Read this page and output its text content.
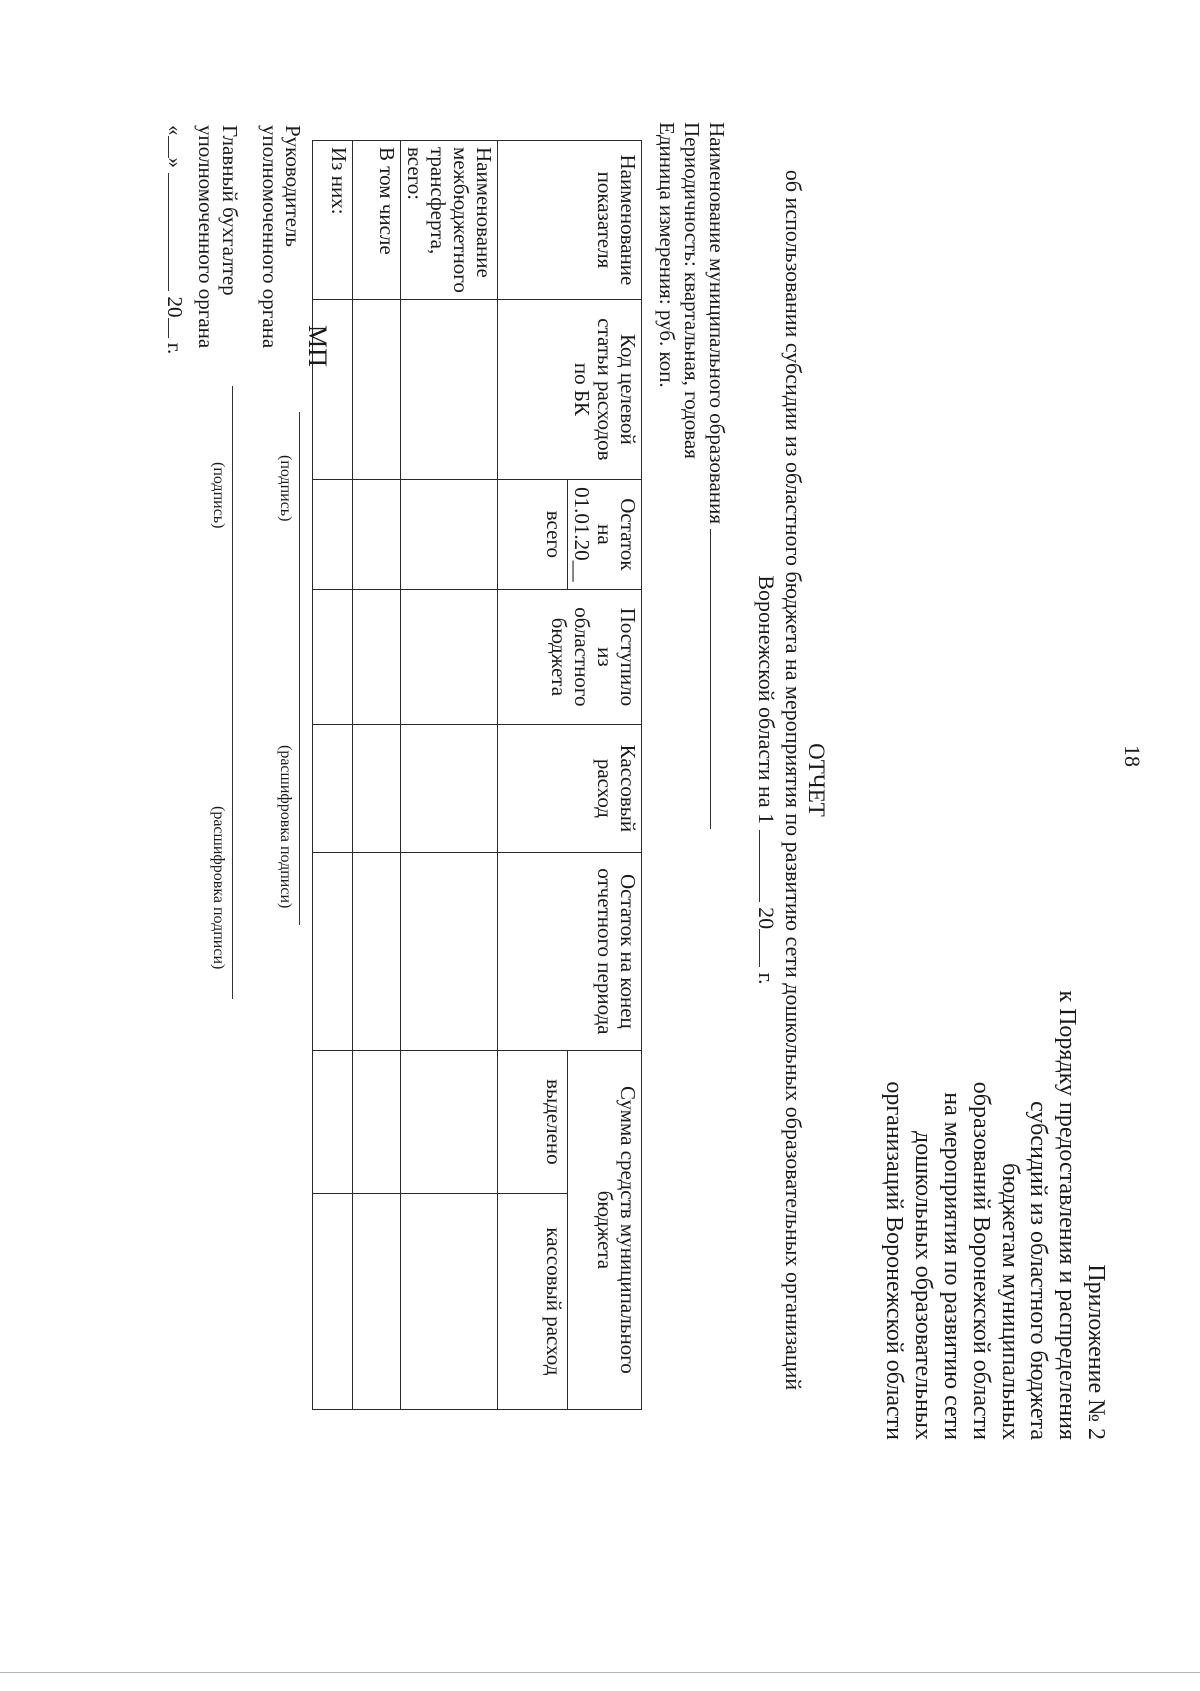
18
Приложение № 2
к Порядку предоставления и распределения
субсидий из областного бюджета
бюджетам муниципальных
образований Воронежской области
на мероприятия по развитию сети
дошкольных образовательных
организаций Воронежской области
ОТЧЕТ
об использовании субсидии из областного бюджета на мероприятия по развитию сети дошкольных образовательных организаций
Воронежской области на 1  20 г.
Наименование муниципального образования
Периодичность: квартальная, годовая
Единица измерения: руб. коп.
Наименование показателя	Код целевой статьи расходов по БК	Остаток на 01.01.20__	Поступило из областного бюджета	Кассовый расход	Остаток на конец отчетного периода	Сумма средств муниципального бюджета	
		всего				выделено	кассовый расход
Наименование межбюджетного трансферта, всего:							
В том числе							
Из них:							
Руководитель
уполномоченного органа МП
(подпись)
(расшифровка подписи)
Главный бухгалтер
уполномоченного органа
(подпись)
(расшифровка подписи)
«»  20 г.
